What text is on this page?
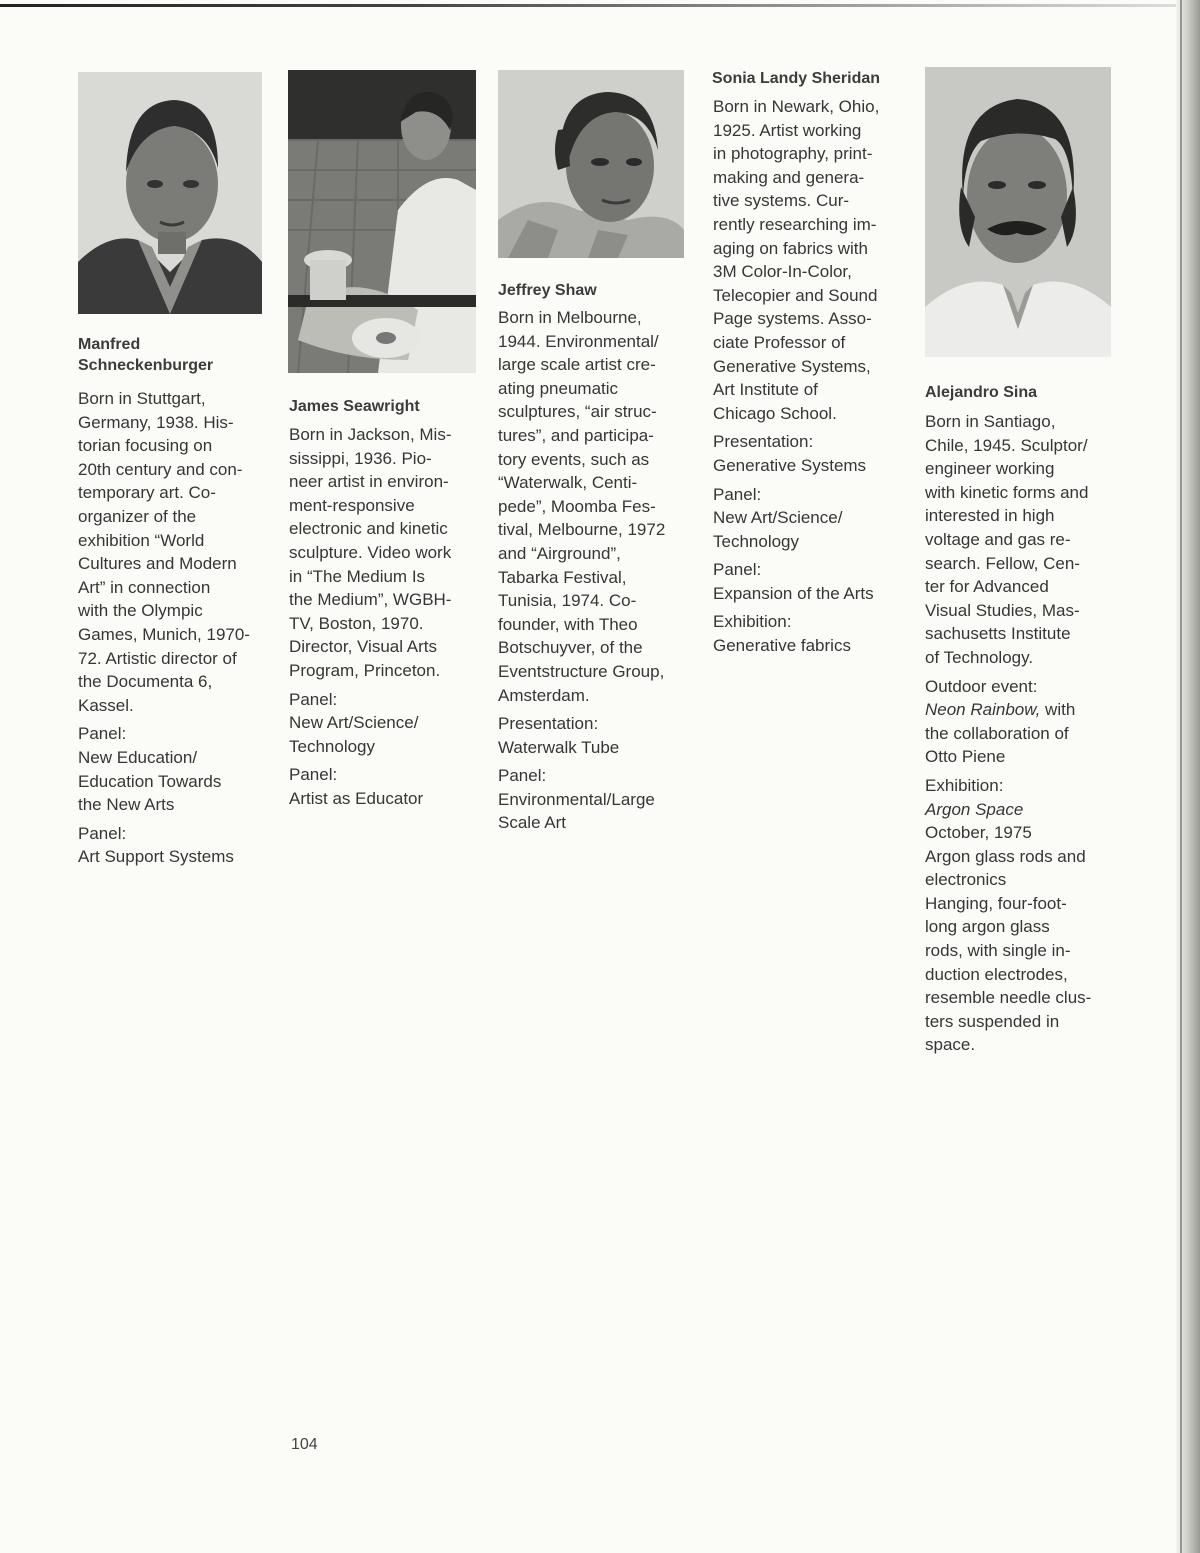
Manfred
Schneckenburger

Born in Stuttgart,
Germany, 1938. His-
torian focusing on
20th century and con-
temporary art. Co-
organizer of the
exhibition “World
Cultures and Modern
Art” in connection
with the Olympic
Games, Munich, 1970-
72. Artistic director of
the Documenta 6,
Kassel.

Panel:
New Education/
Education Towards
the New Arts

Panel:
Art Support Systems

James Seawright

Born in Jackson, Mis-
sissippi, 1936. Pio-
neer artist in environ-
ment-responsive
electronic and kinetic
sculpture. Video work
in “The Medium Is
the Medium”, WGBH-
TV, Boston, 1970.
Director, Visual Arts
Program, Princeton.

Panel:
New Art/Science/
Technology

Panel:
Artist as Educator

Jeffrey Shaw

Born in Melbourne,
1944. Environmental/
large scale artist cre-
ating pneumatic
sculptures, “air struc-
tures”, and participa-
tory events, such as
“Waterwalk, Centi-
pede”, Moomba Fes-
tival, Melbourne, 1972
and “Airground”,
Tabarka Festival,
Tunisia, 1974. Co-
founder, with Theo
Botschuyver, of the
Eventstructure Group,
Amsterdam.

Presentation:
Waterwalk Tube

Panel:
Environmental/Large
Scale Art

Sonia Landy Sheridan

Born in Newark, Ohio,
1925. Artist working
in photography, print-
making and genera-
tive systems. Cur-
rently researching im-
aging on fabrics with
3M Color-In-Color,
Telecopier and Sound
Page systems. Asso-
ciate Professor of
Generative Systems,
Art Institute of
Chicago School.

Presentation:
Generative Systems

Panel:
New Art/Science/
Technology

Panel:
Expansion of the Arts

Exhibition:
Generative fabrics

Alejandro Sina

Born in Santiago,
Chile, 1945. Sculptor/
engineer working
with kinetic forms and
interested in high
voltage and gas re-
search. Fellow, Cen-
ter for Advanced
Visual Studies, Mas-
sachusetts Institute
of Technology.

Outdoor event:
Neon Rainbow, with
the collaboration of
Otto Piene

Exhibition:
Argon Space
October, 1975
Argon glass rods and
electronics
Hanging, four-foot-
long argon glass
rods, with single in-
duction electrodes,
resemble needle clus-
ters suspended in
space.

104
